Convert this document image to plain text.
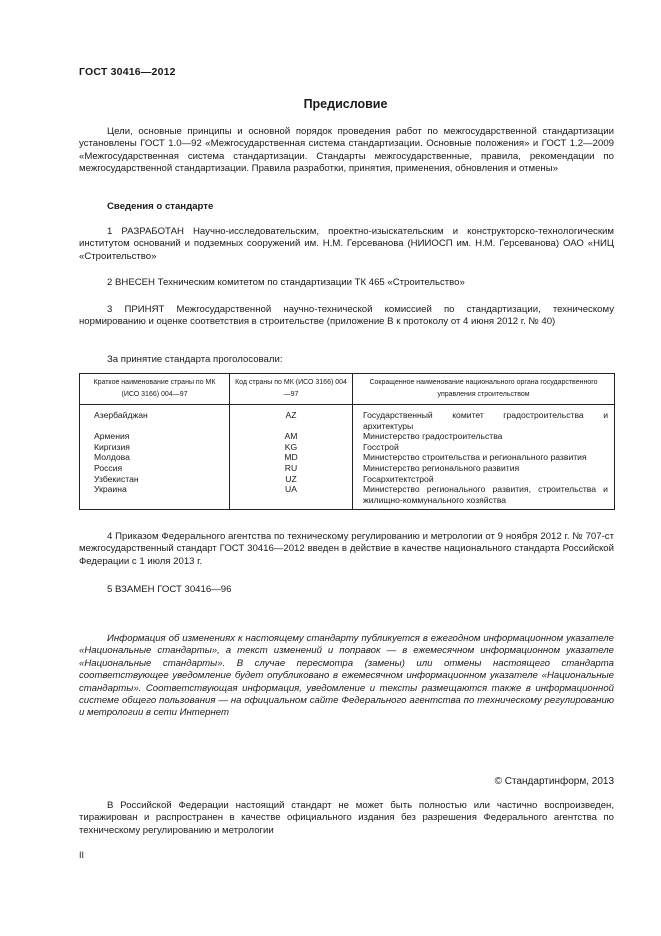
ГОСТ 30416—2012
Предисловие
Цели, основные принципы и основной порядок проведения работ по межгосударственной стандартизации установлены ГОСТ 1.0—92 «Межгосударственная система стандартизации. Основные положения» и ГОСТ 1.2—2009 «Межгосударственная система стандартизации. Стандарты межгосударственные, правила, рекомендации по межгосударственной стандартизации. Правила разработки, принятия, применения, обновления и отмены»
Сведения о стандарте
1 РАЗРАБОТАН Научно-исследовательским, проектно-изыскательским и конструкторско-технологическим институтом оснований и подземных сооружений им. Н.М. Герсеванова (НИИОСП им. Н.М. Герсеванова) ОАО «НИЦ «Строительство»
2 ВНЕСЕН Техническим комитетом по стандартизации ТК 465 «Строительство»
3 ПРИНЯТ Межгосударственной научно-технической комиссией по стандартизации, техническому нормированию и оценке соответствия в строительстве (приложение В к протоколу от 4 июня 2012 г. № 40)
За принятие стандарта проголосовали:
Краткое наименование страны по МК (ИСО 3166) 004—97	Код страны по МК (ИСО 3166) 004—97	Сокращенное наименование национального органа государственного управления строительством
Азербайджан	AZ	Государственный комитет градостроительства и архитектуры
Армения	AM	Министерство градостроительства
Киргизия	KG	Госстрой
Молдова	MD	Министерство строительства и регионального развития
Россия	RU	Министерство регионального развития
Узбекистан	UZ	Госархитектстрой
Украина	UA	Министерство регионального развития, строительства и жилищно-коммунального хозяйства
4 Приказом Федерального агентства по техническому регулированию и метрологии от 9 ноября 2012 г. № 707-ст межгосударственный стандарт ГОСТ 30416—2012 введен в действие в качестве национального стандарта Российской Федерации с 1 июля 2013 г.
5 ВЗАМЕН ГОСТ 30416—96
Информация об изменениях к настоящему стандарту публикуется в ежегодном информационном указателе «Национальные стандарты», а текст изменений и поправок — в ежемесячном информационном указателе «Национальные стандарты». В случае пересмотра (замены) или отмены настоящего стандарта соответствующее уведомление будет опубликовано в ежемесячном информационном указателе «Национальные стандарты». Соответствующая информация, уведомление и тексты размещаются также в информационной системе общего пользования — на официальном сайте Федерального агентства по техническому регулированию и метрологии в сети Интернет
© Стандартинформ, 2013
В Российской Федерации настоящий стандарт не может быть полностью или частично воспроизведен, тиражирован и распространен в качестве официального издания без разрешения Федерального агентства по техническому регулированию и метрологии
II
